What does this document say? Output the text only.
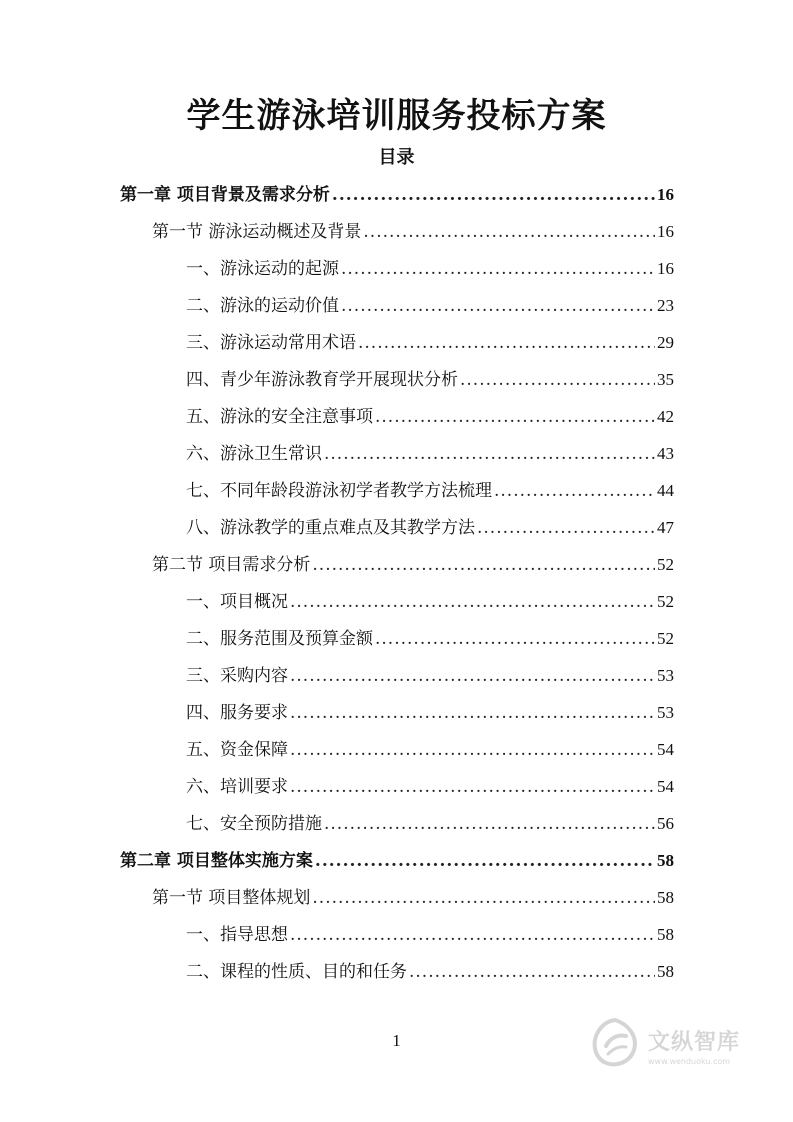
学生游泳培训服务投标方案
目录
第一章 项目背景及需求分析 .....	16
第一节 游泳运动概述及背景 .....	16
一、游泳运动的起源 .....	16
二、游泳的运动价值 .....	23
三、游泳运动常用术语 .....	29
四、青少年游泳教育学开展现状分析 .....	35
五、游泳的安全注意事项 .....	42
六、游泳卫生常识 .....	43
七、不同年龄段游泳初学者教学方法梳理 .....	44
八、游泳教学的重点难点及其教学方法 .....	47
第二节 项目需求分析 .....	52
一、项目概况 .....	52
二、服务范围及预算金额 .....	52
三、采购内容 .....	53
四、服务要求 .....	53
五、资金保障 .....	54
六、培训要求 .....	54
七、安全预防措施 .....	56
第二章 项目整体实施方案 .....	58
第一节 项目整体规划 .....	58
一、指导思想 .....	58
二、课程的性质、目的和任务 .....	58
1	文纵智库
www.wenduoku.com
